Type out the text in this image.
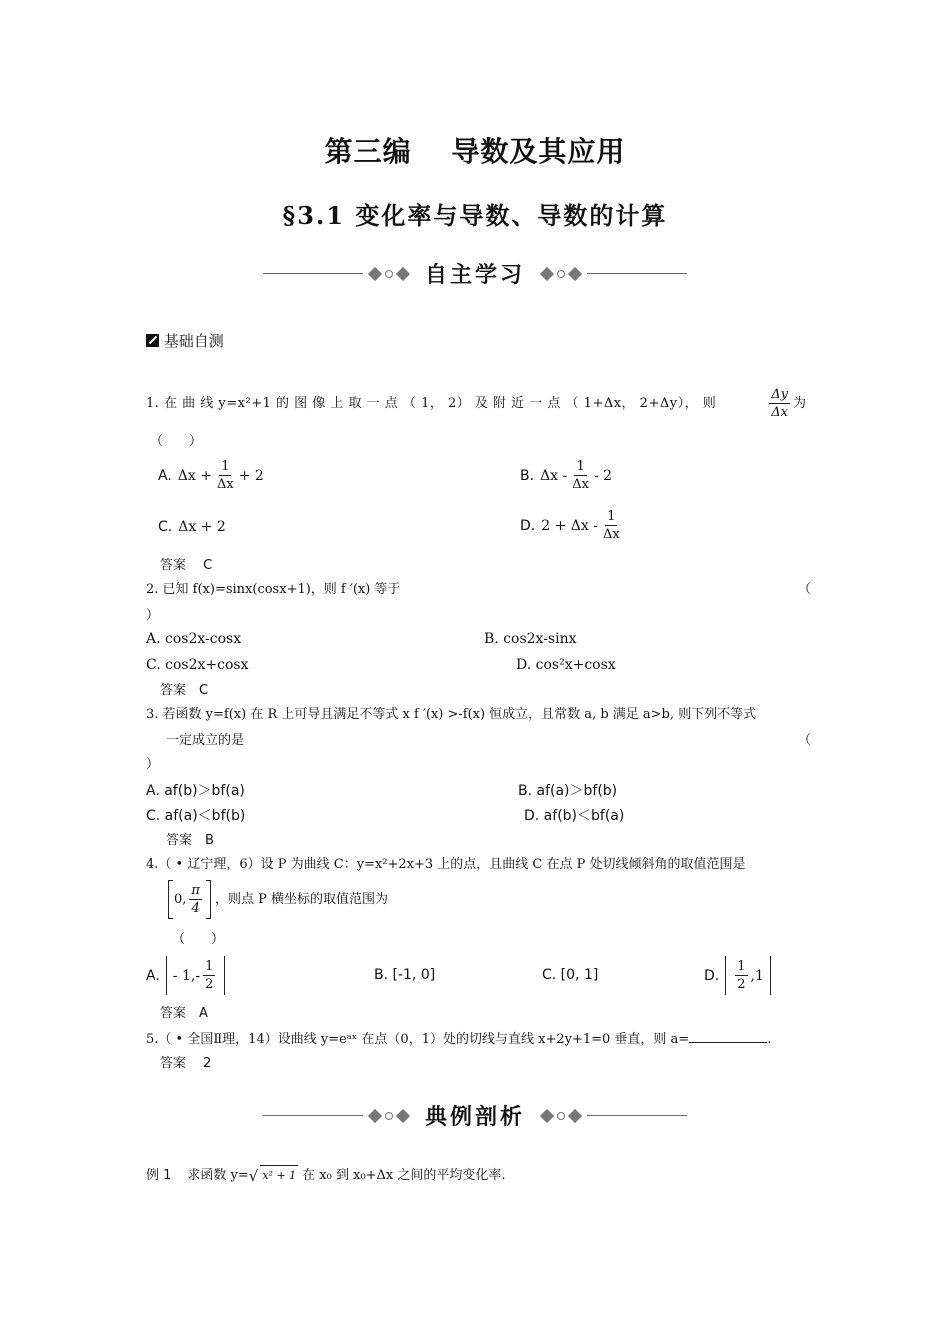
第三编　 导数及其应用
§3.1 变化率与导数、导数的计算
自主学习
基础自测
1. 在 曲 线 y=x²+1 的 图 像 上 取 一 点 （ 1， 2） 及 附 近 一 点 （ 1+Δx， 2+Δy）， 则	$\frac{\Delta y}{\Delta x}$ 为
（　　）
A. $\Delta x + \frac{1}{\Delta x} + 2$	B. Δx - $\frac{1}{\Delta x} - 2$
C. Δx + 2	D. $2 + \Delta x - \frac{1}{\Delta x}$
答案　 C
2. 已知 f(x)=sinx(cosx+1)，则 f ′(x) 等于	（
）
A. cos2x-cosx	B. cos2x-sinx
C. cos2x+cosx	D. cos²x+cosx
答案　C
3. 若函数 y=f(x) 在 R 上可导且满足不等式 x f ′(x) >-f(x) 恒成立，且常数 a, b 满足 a>b, 则下列不等式
一定成立的是	（
）
A. af(b)＞bf(a)	B. af(a)＞bf(b)
C. af(a)＜bf(b)	D. af(b)＜bf(a)
答案　B
4.（ • 辽宁理，6）设 P 为曲线 C：y=x²+2x+3 上的点，且曲线 C 在点 P 处切线倾斜角的取值范围是
0, $\frac{\pi}{4}$ ，则点 P 横坐标的取值范围为
（　　）
A. - $1,- \frac{1}{2}$	B. [-1, 0]	C. [0, 1]	D. $\frac{1}{2} ,1$
答案　A
5.（ • 全国Ⅱ理，14）设曲线 y=eᵃˣ 在点（0，1）处的切线与直线 x+2y+1=0 垂直，则 a=	.
答案　 2
典例剖析
例 1 求函数 y= √ x² + 1 在 x₀ 到 x₀+Δx 之间的平均变化率.
